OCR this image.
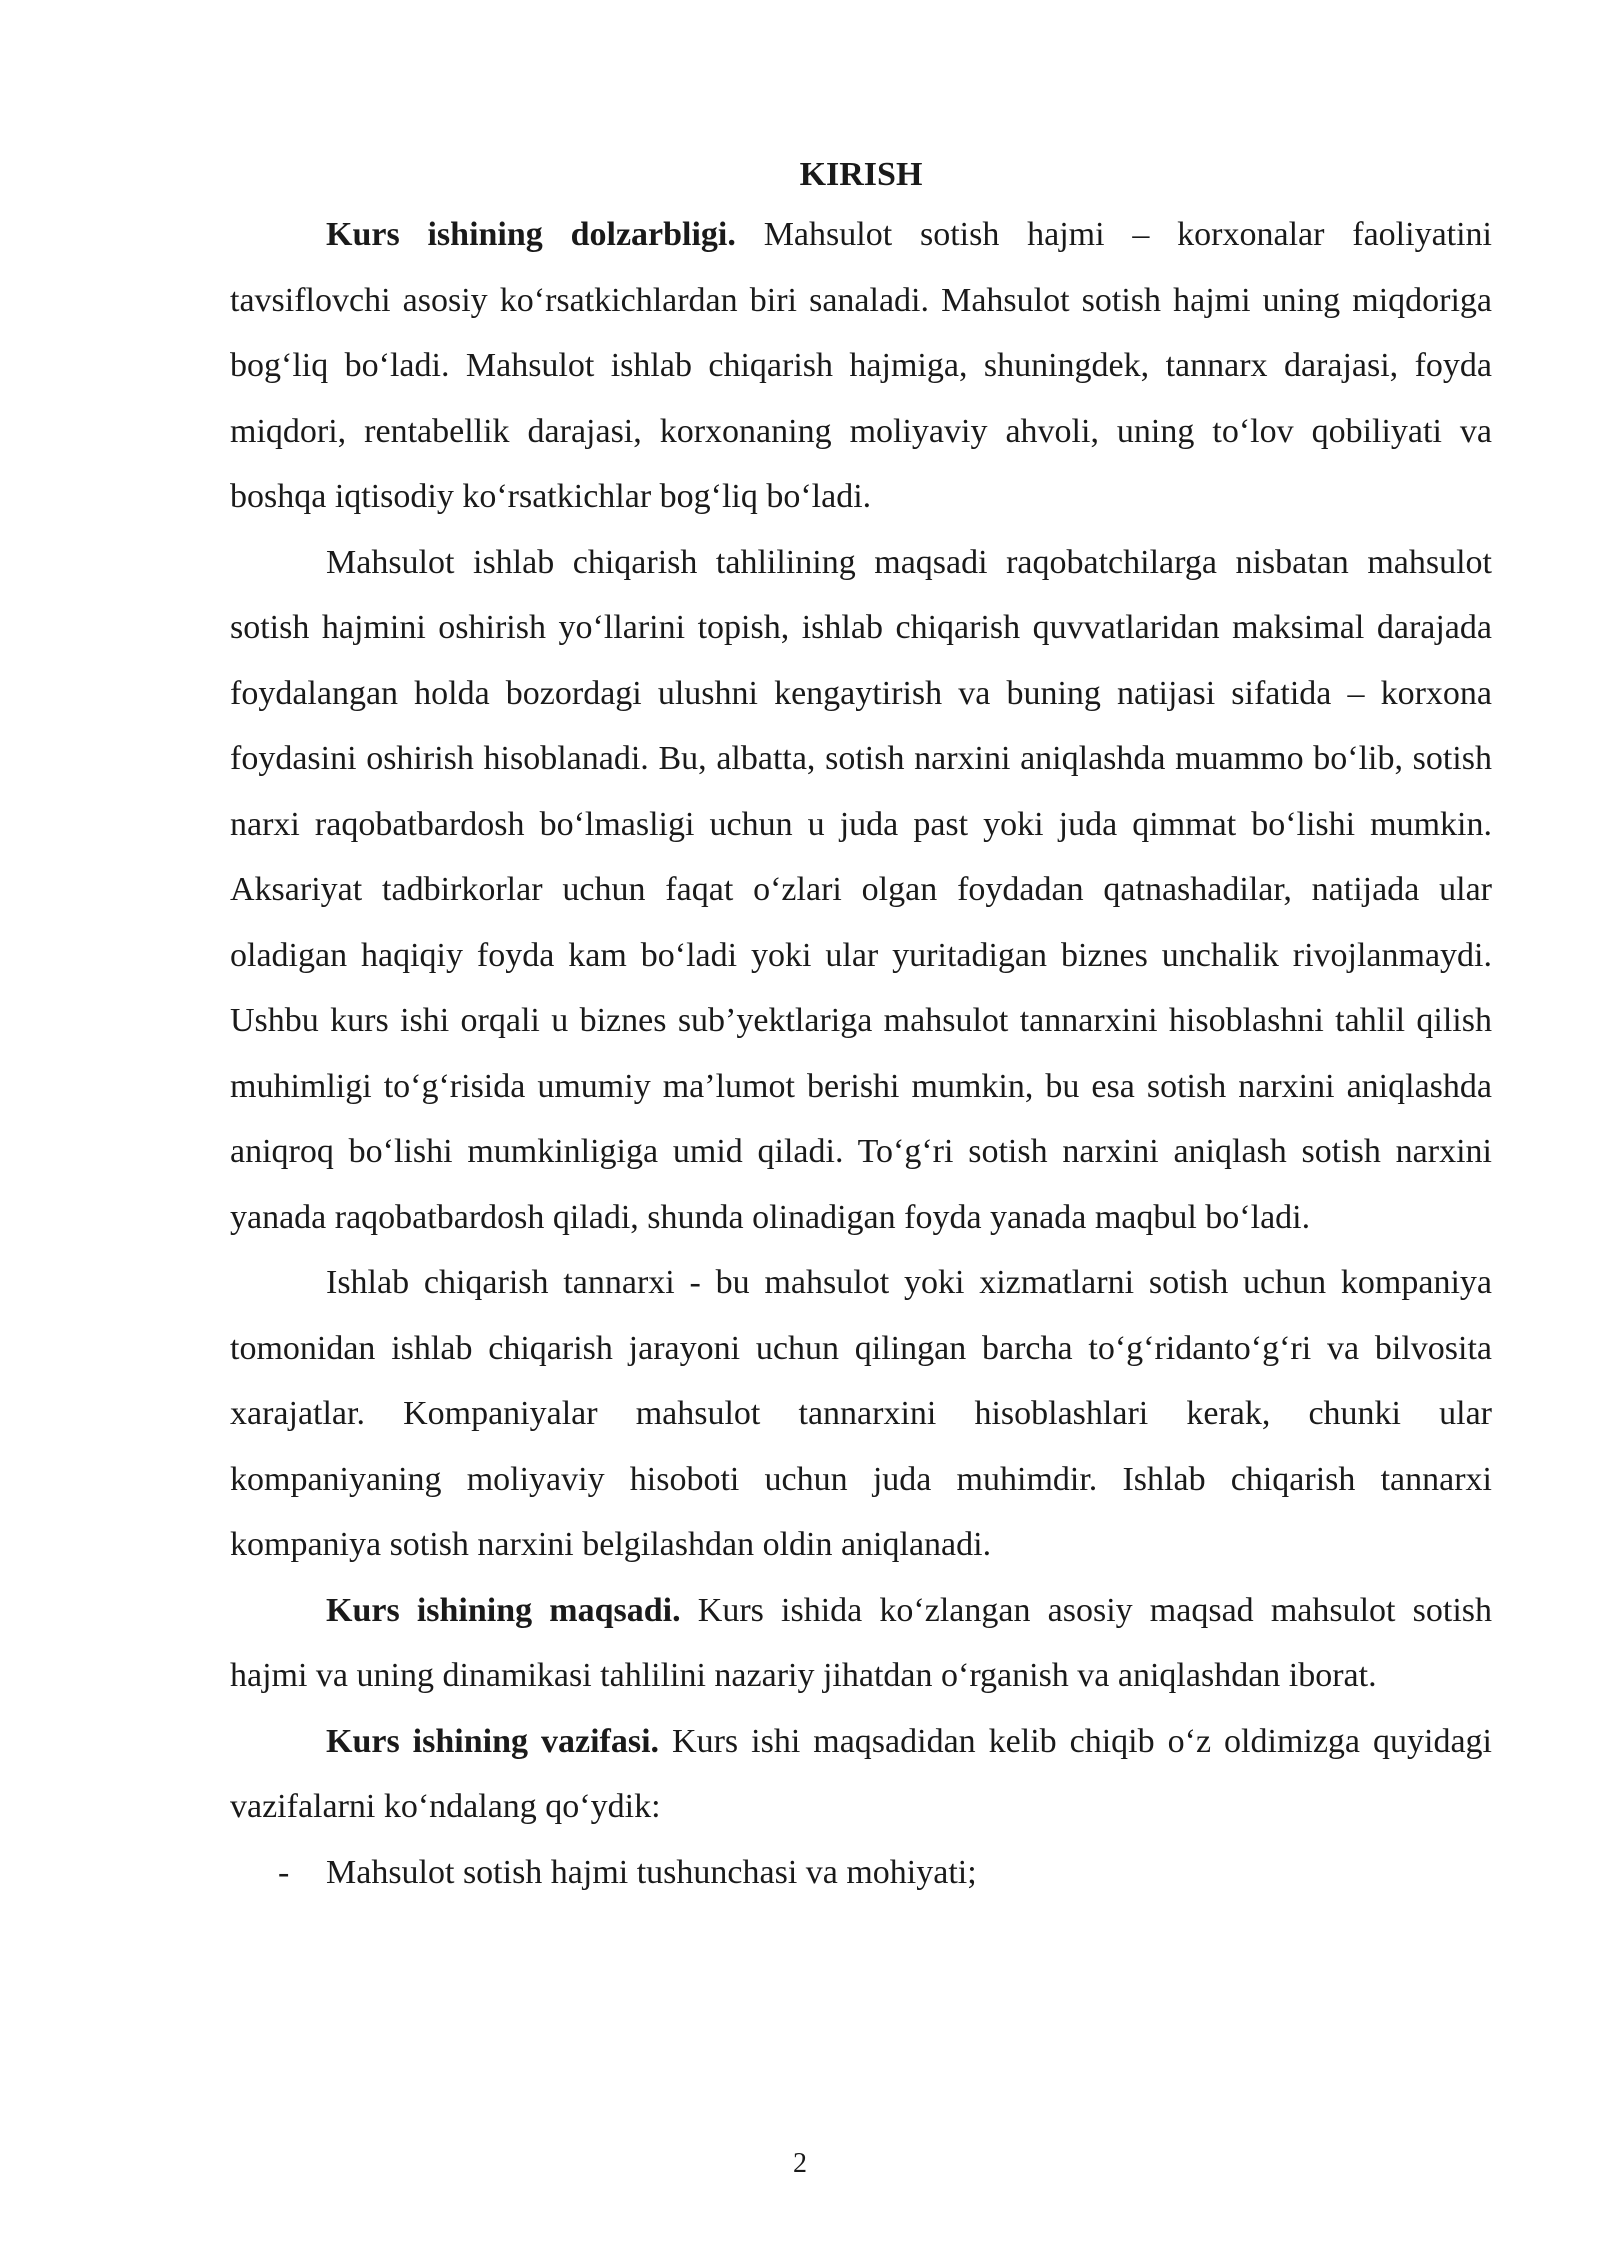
KIRISH

Kurs ishining dolzarbligi. Mahsulot sotish hajmi – korxonalar faoliyatini tavsiflovchi asosiy koʻrsatkichlardan biri sanaladi. Mahsulot sotish hajmi uning miqdoriga bogʻliq boʻladi. Mahsulot ishlab chiqarish hajmiga, shuningdek, tannarx darajasi, foyda miqdori, rentabellik darajasi, korxonaning moliyaviy ahvoli, uning toʻlov qobiliyati va boshqa iqtisodiy koʻrsatkichlar bogʻliq boʻladi.

Mahsulot ishlab chiqarish tahlilining maqsadi raqobatchilarga nisbatan mahsulot sotish hajmini oshirish yoʻllarini topish, ishlab chiqarish quvvatlaridan maksimal darajada foydalangan holda bozordagi ulushni kengaytirish va buning natijasi sifatida – korxona foydasini oshirish hisoblanadi. Bu, albatta, sotish narxini aniqlashda muammo boʻlib, sotish narxi raqobatbardosh boʻlmasligi uchun u juda past yoki juda qimmat boʻlishi mumkin. Aksariyat tadbirkorlar uchun faqat oʻzlari olgan foydadan qatnashadilar, natijada ular oladigan haqiqiy foyda kam boʻladi yoki ular yuritadigan biznes unchalik rivojlanmaydi. Ushbu kurs ishi orqali u biznes sub’yektlariga mahsulot tannarxini hisoblashni tahlil qilish muhimligi toʻgʻrisida umumiy ma’lumot berishi mumkin, bu esa sotish narxini aniqlashda aniqroq boʻlishi mumkinligiga umid qiladi. Toʻgʻri sotish narxini aniqlash sotish narxini yanada raqobatbardosh qiladi, shunda olinadigan foyda yanada maqbul boʻladi.

Ishlab chiqarish tannarxi - bu mahsulot yoki xizmatlarni sotish uchun kompaniya tomonidan ishlab chiqarish jarayoni uchun qilingan barcha toʻgʻridantoʻgʻri va bilvosita xarajatlar. Kompaniyalar mahsulot tannarxini hisoblashlari kerak, chunki ular kompaniyaning moliyaviy hisoboti uchun juda muhimdir. Ishlab chiqarish tannarxi kompaniya sotish narxini belgilashdan oldin aniqlanadi.

Kurs ishining maqsadi. Kurs ishida koʻzlangan asosiy maqsad mahsulot sotish hajmi va uning dinamikasi tahlilini nazariy jihatdan oʻrganish va aniqlashdan iborat.

Kurs ishining vazifasi. Kurs ishi maqsadidan kelib chiqib oʻz oldimizga quyidagi vazifalarni koʻndalang qoʻydik:

- Mahsulot sotish hajmi tushunchasi va mohiyati;
2
